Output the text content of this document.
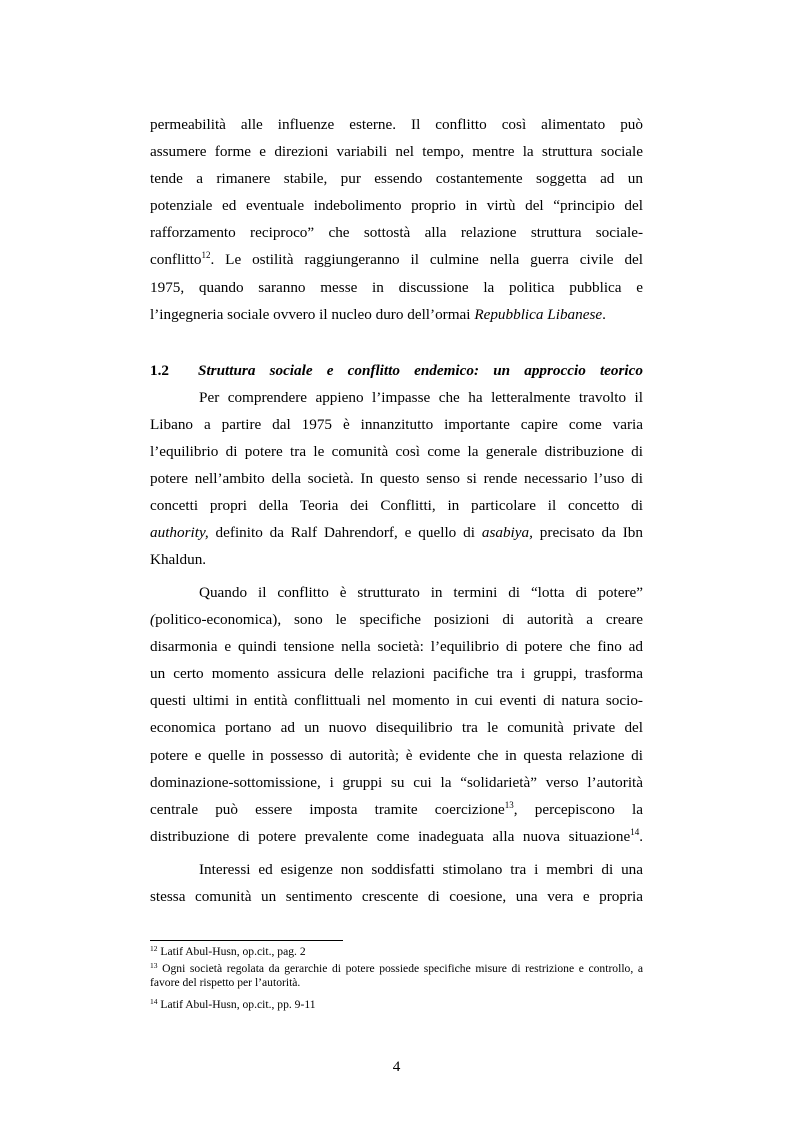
permeabilità alle influenze esterne. Il conflitto così alimentato può
assumere forme e direzioni variabili nel tempo, mentre la struttura sociale
tende a rimanere stabile, pur essendo costantemente soggetta ad un
potenziale ed eventuale indebolimento proprio in virtù del “principio del
rafforzamento reciproco” che sottostà alla relazione struttura sociale-
conflitto$^{12}$. Le ostilità raggiungeranno il culmine nella guerra civile del
1975, quando saranno messe in discussione la politica pubblica e
l’ingegneria sociale ovvero il nucleo duro dell’ormai Repubblica Libanese.
1.2 Struttura sociale e conflitto endemico: un approccio teorico
Per comprendere appieno l’impasse che ha letteralmente travolto il
Libano a partire dal 1975 è innanzitutto importante capire come varia
l’equilibrio di potere tra le comunità così come la generale distribuzione di
potere nell’ambito della società. In questo senso si rende necessario l’uso di
concetti propri della Teoria dei Conflitti, in particolare il concetto di
authority, definito da Ralf Dahrendorf, e quello di asabiya, precisato da Ibn
Khaldun.
Quando il conflitto è strutturato in termini di “lotta di potere”
(politico-economica), sono le specifiche posizioni di autorità a creare
disarmonia e quindi tensione nella società: l’equilibrio di potere che fino ad
un certo momento assicura delle relazioni pacifiche tra i gruppi, trasforma
questi ultimi in entità conflittuali nel momento in cui eventi di natura socio-
economica portano ad un nuovo disequilibrio tra le comunità private del
potere e quelle in possesso di autorità; è evidente che in questa relazione di
dominazione-sottomissione, i gruppi su cui la “solidarietà” verso l’autorità
centrale può essere imposta tramite coercizione$^{13}$, percepiscono la
distribuzione di potere prevalente come inadeguata alla nuova situazione$^{14}$.
Interessi ed esigenze non soddisfatti stimolano tra i membri di una
stessa comunità un sentimento crescente di coesione, una vera e propria
$^{12}$ Latif Abul-Husn, op.cit., pag. 2
$^{13}$ Ogni società regolata da gerarchie di potere possiede specifiche misure di restrizione e controllo, a favore del rispetto per l’autorità.
$^{14}$ Latif Abul-Husn, op.cit., pp. 9-11
4
